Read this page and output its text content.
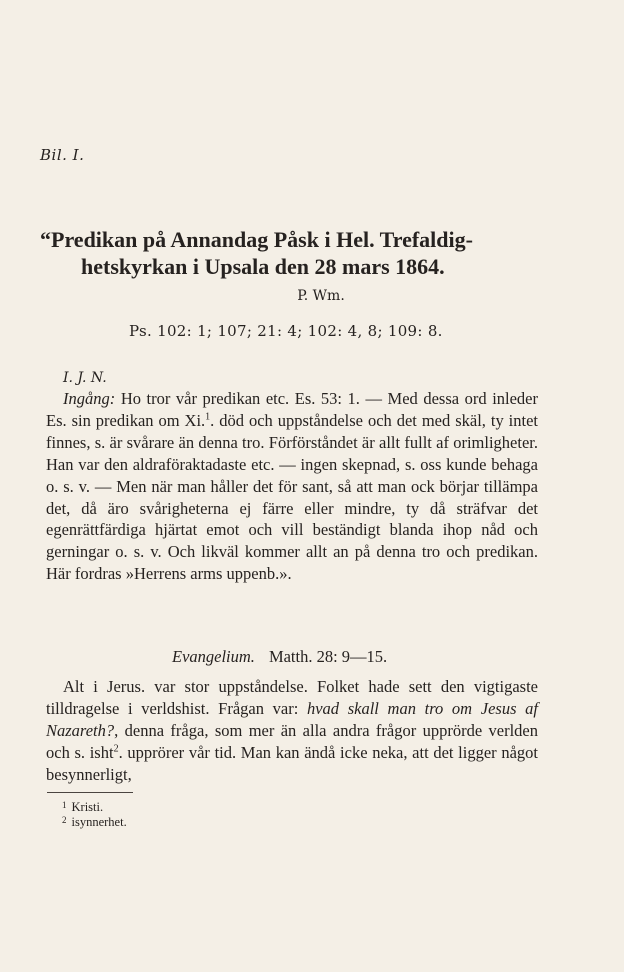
Bil. I.
“Predikan på Annandag Påsk i Hel. Trefaldig-
hetskyrkan i Upsala den 28 mars 1864.
P. Wm.
Ps. 102: 1; 107; 21: 4; 102: 4, 8; 109: 8.
I. J. N.

Ingång: Ho tror vår predikan etc. Es. 53: 1. — Med dessa ord inleder Es. sin predikan om Xi.$^1$. död och uppståndelse och det med skäl, ty intet finnes, s. är svårare än denna tro. Förförståndet är allt fullt af orimligheter. Han var den aldraföraktadaste etc. — ingen skepnad, s. oss kunde behaga o. s. v. — Men när man håller det för sant, så att man ock börjar tillämpa det, då äro svårigheterna ej färre eller mindre, ty då sträfvar det egenrättfärdiga hjärtat emot och vill beständigt blanda ihop nåd och gerningar o. s. v. Och likväl kommer allt an på denna tro och predikan. Här fordras »Herrens arms uppenb.».

Evangelium. Matth. 28: 9—15.

Alt i Jerus. var stor uppståndelse. Folket hade sett den vigtigaste tilldragelse i verldshist. Frågan var: hvad skall man tro om Jesus af Nazareth?, denna fråga, som mer än alla andra frågor upprörde verlden och s. isht$^2$. upprörer vår tid. Man kan ändå icke neka, att det ligger något besynnerligt,

$^1$ Kristi.
$^2$ isynnerhet.
